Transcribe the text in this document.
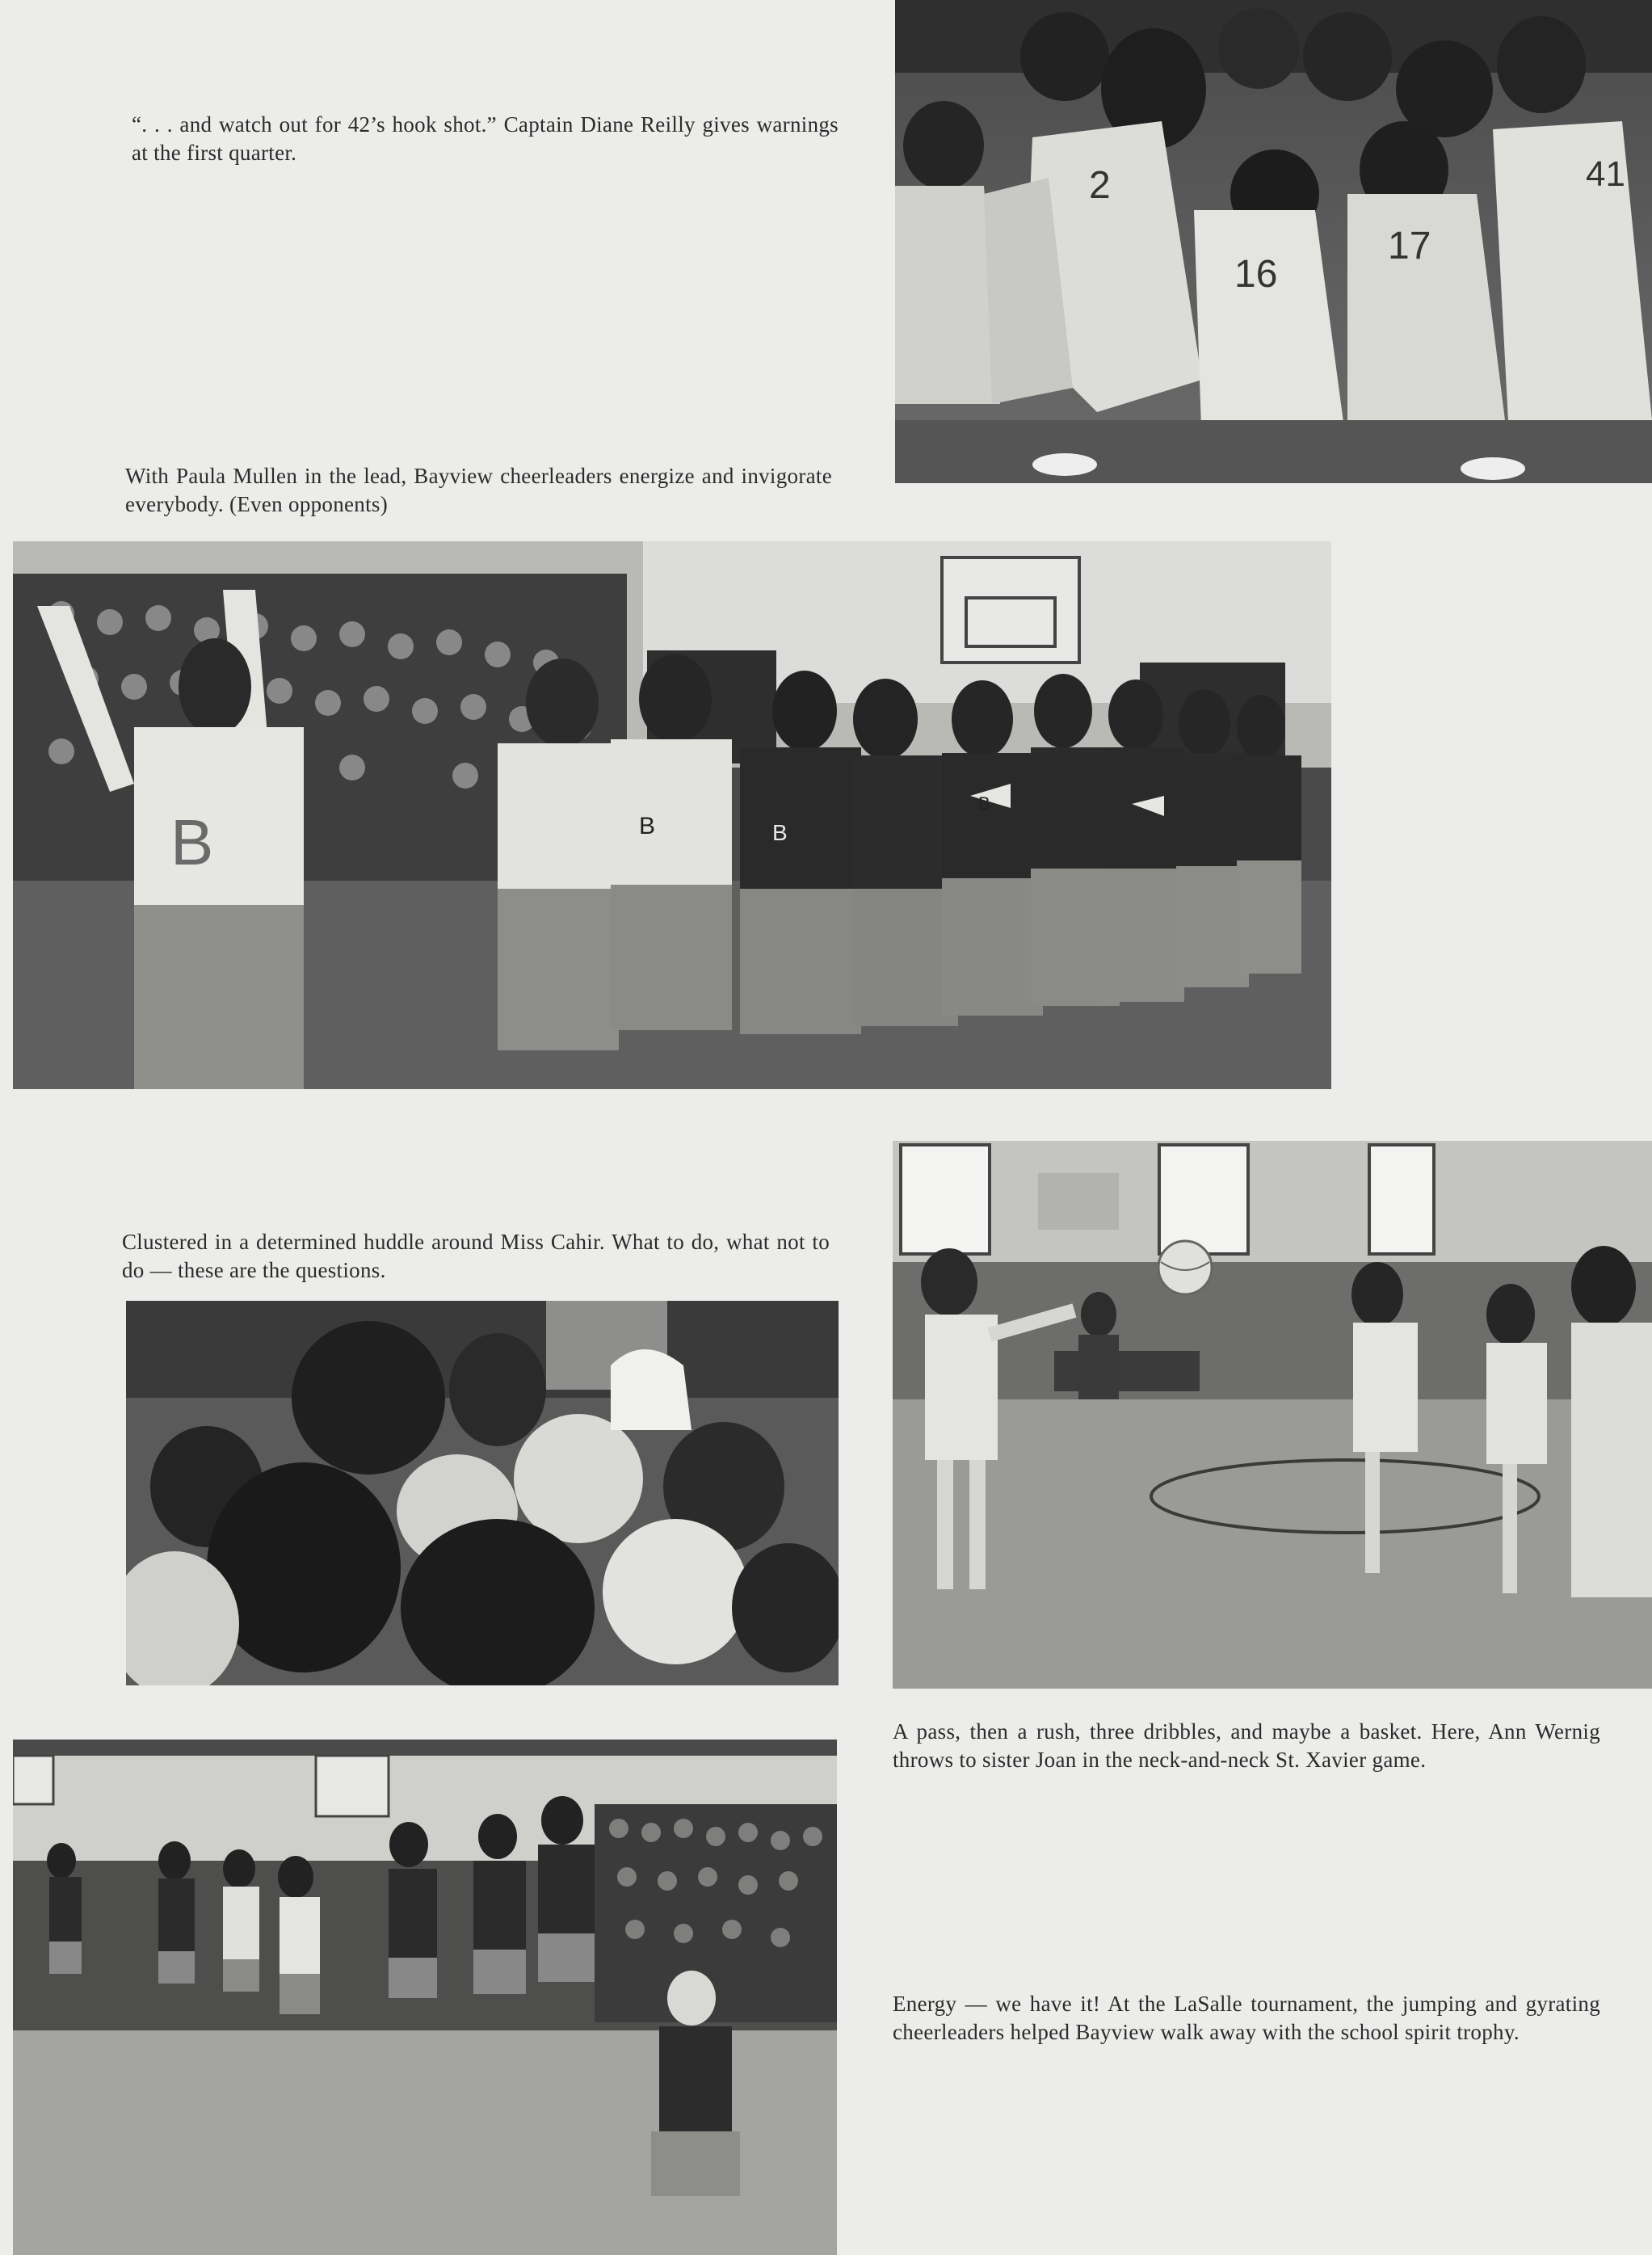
“. . . and watch out for 42’s hook shot.” Captain Diane Reilly gives warnings at the first quarter.
2
16
17
41
With Paula Mullen in the lead, Bayview cheerleaders energize and invigorate everybody. (Even opponents)
B	B	B
B
Clustered in a determined huddle around Miss Cahir. What to do, what not to do — these are the questions.
A pass, then a rush, three dribbles, and maybe a basket. Here, Ann Wernig throws to sister Joan in the neck-and-neck St. Xavier game.
Energy — we have it! At the LaSalle tournament, the jumping and gyrating cheerleaders helped Bayview walk away with the school spirit trophy.
